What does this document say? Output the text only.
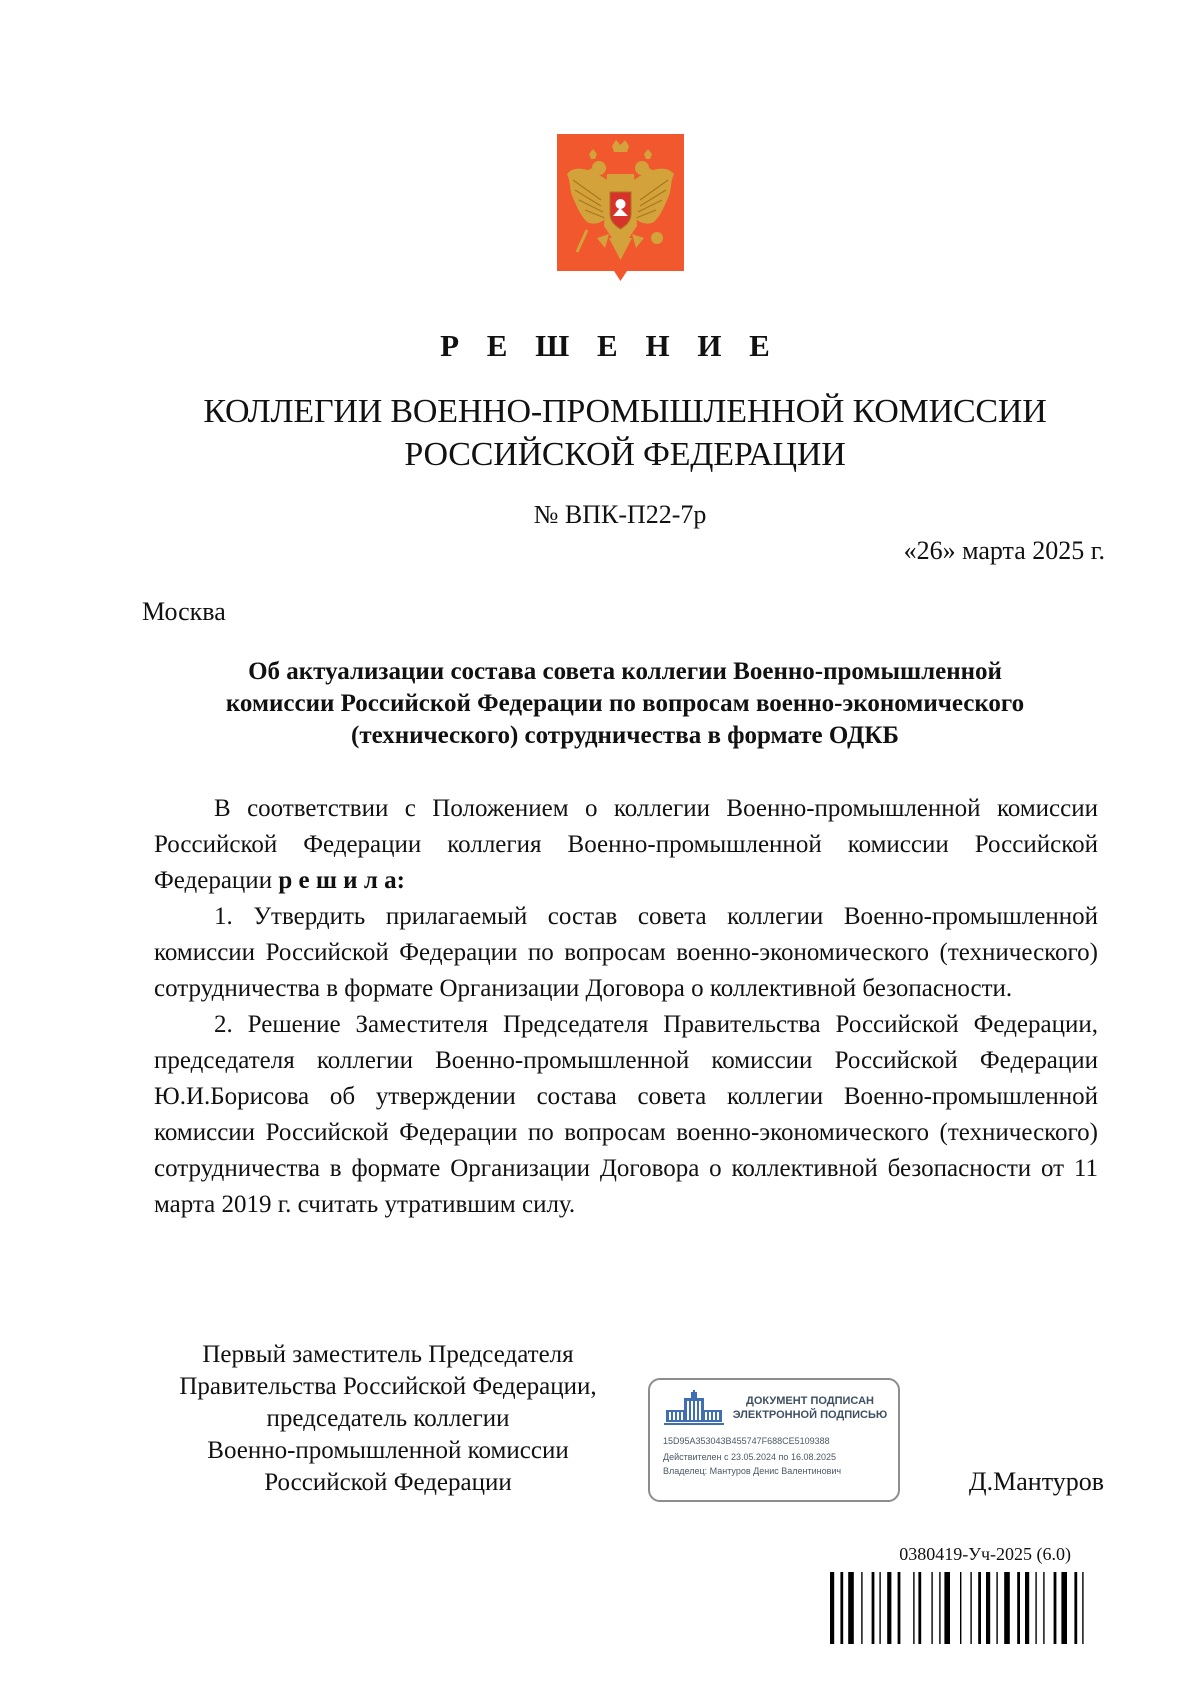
Р Е Ш Е Н И Е
КОЛЛЕГИИ ВОЕННО-ПРОМЫШЛЕННОЙ КОМИССИИ
РОССИЙСКОЙ ФЕДЕРАЦИИ
№ ВПК-П22-7р
«26» марта 2025 г.
Москва
Об актуализации состава совета коллегии Военно-промышленной
комиссии Российской Федерации по вопросам военно-экономического
(технического) сотрудничества в формате ОДКБ

В соответствии с Положением о коллегии Военно-промышленной комиссии Российской Федерации коллегия Военно-промышленной комиссии Российской Федерации р е ш и л а:

1. Утвердить прилагаемый состав совета коллегии Военно-промышленной комиссии Российской Федерации по вопросам военно-экономического (технического) сотрудничества в формате Организации Договора о коллективной безопасности.

2. Решение Заместителя Председателя Правительства Российской Федерации, председателя коллегии Военно-промышленной комиссии Российской Федерации Ю.И.Борисова об утверждении состава совета коллегии Военно-промышленной комиссии Российской Федерации по вопросам военно-экономического (технического) сотрудничества в формате Организации Договора о коллективной безопасности от 11 марта 2019 г. считать утратившим силу.

Первый заместитель Председателя
Правительства Российской Федерации,
председатель коллегии
Военно-промышленной комиссии
Российской Федерации
ДОКУМЕНТ ПОДПИСАН
ЭЛЕКТРОННОЙ ПОДПИСЬЮ
15D95A353043B455747F688CE5109388
Действителен с 23.05.2024 по 16.08.2025
Владелец: Мантуров Денис Валентинович	Д.Мантуров
0380419-Уч-2025 (6.0)
